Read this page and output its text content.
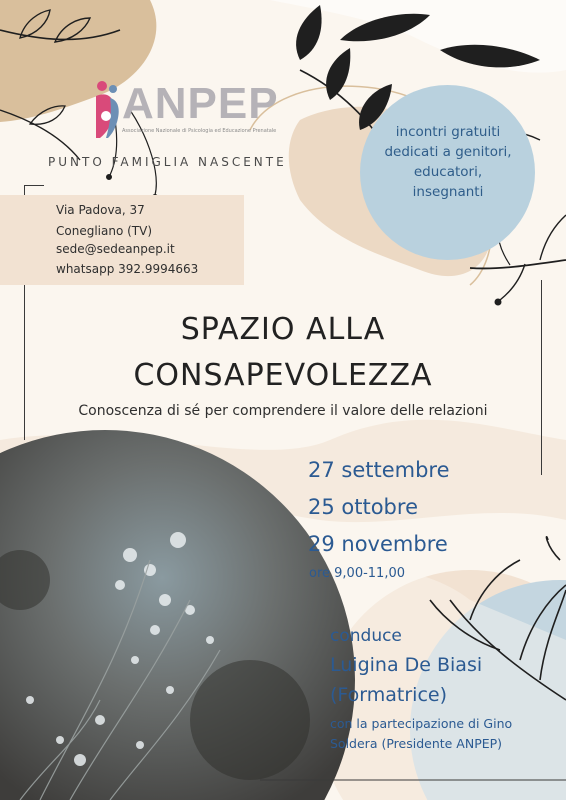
ANPEP
Associazione Nazionale di Psicologia ed Educazione Prenatale
PUNTO FAMIGLIA NASCENTE
Via Padova, 37
Conegliano (TV)
sede@sedeanpep.it
whatsapp 392.9994663
incontri gratuiti
dedicati a genitori,
educatori,
insegnanti
SPAZIO ALLA
CONSAPEVOLEZZA
Conoscenza di sé per comprendere il valore delle relazioni
27 settembre
25 ottobre
29 novembre
ore 9,00-11,00
conduce
Luigina De Biasi
(Formatrice)
con la partecipazione di Gino
Soldera (Presidente ANPEP)
